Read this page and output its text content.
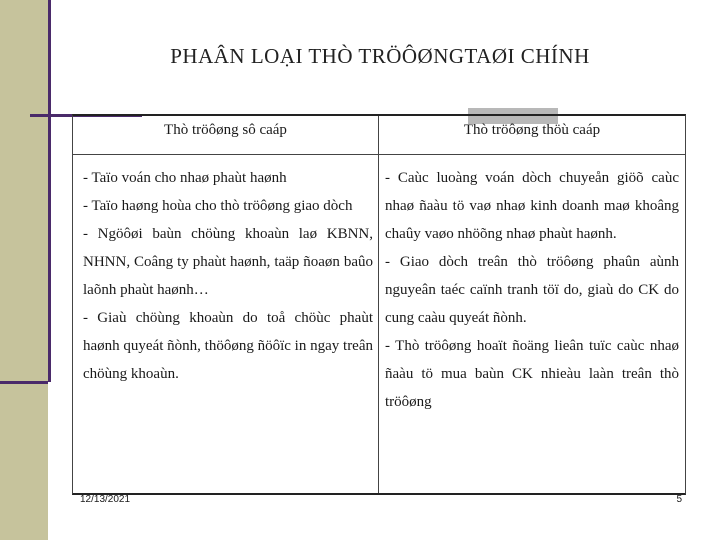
PHAÂN LOẠI THÒ TRÖÔØNGTAØI CHÍNH
Thò tröôøng sô caáp	Thò tröôøng thöù caáp

- Taïo voán cho nhaø phaùt haønh

- Taïo haøng hoùa cho thò tröôøng giao dòch

- Ngöôøi baùn chöùng khoaùn laø KBNN, NHNN, Coâng ty phaùt haønh, taäp ñoaøn baûo laõnh phaùt haønh…

- Giaù chöùng khoaùn do toå chöùc phaùt haønh quyeát ñònh, thöôøng ñöôïc in ngay treân chöùng khoaùn.

- Caùc luoàng voán dòch chuyeån giöõ caùc nhaø ñaàu tö vaø nhaø kinh doanh maø khoâng chaûy vaøo nhöõng nhaø phaùt haønh.

- Giao dòch treân thò tröôøng phaûn aùnh nguyeân taéc caïnh tranh töï do, giaù do CK do cung caàu quyeát ñònh.

- Thò tröôøng hoaït ñoäng lieân tuïc caùc nhaø ñaàu tö mua baùn CK nhieàu laàn treân thò tröôøng

12/13/2021	5
